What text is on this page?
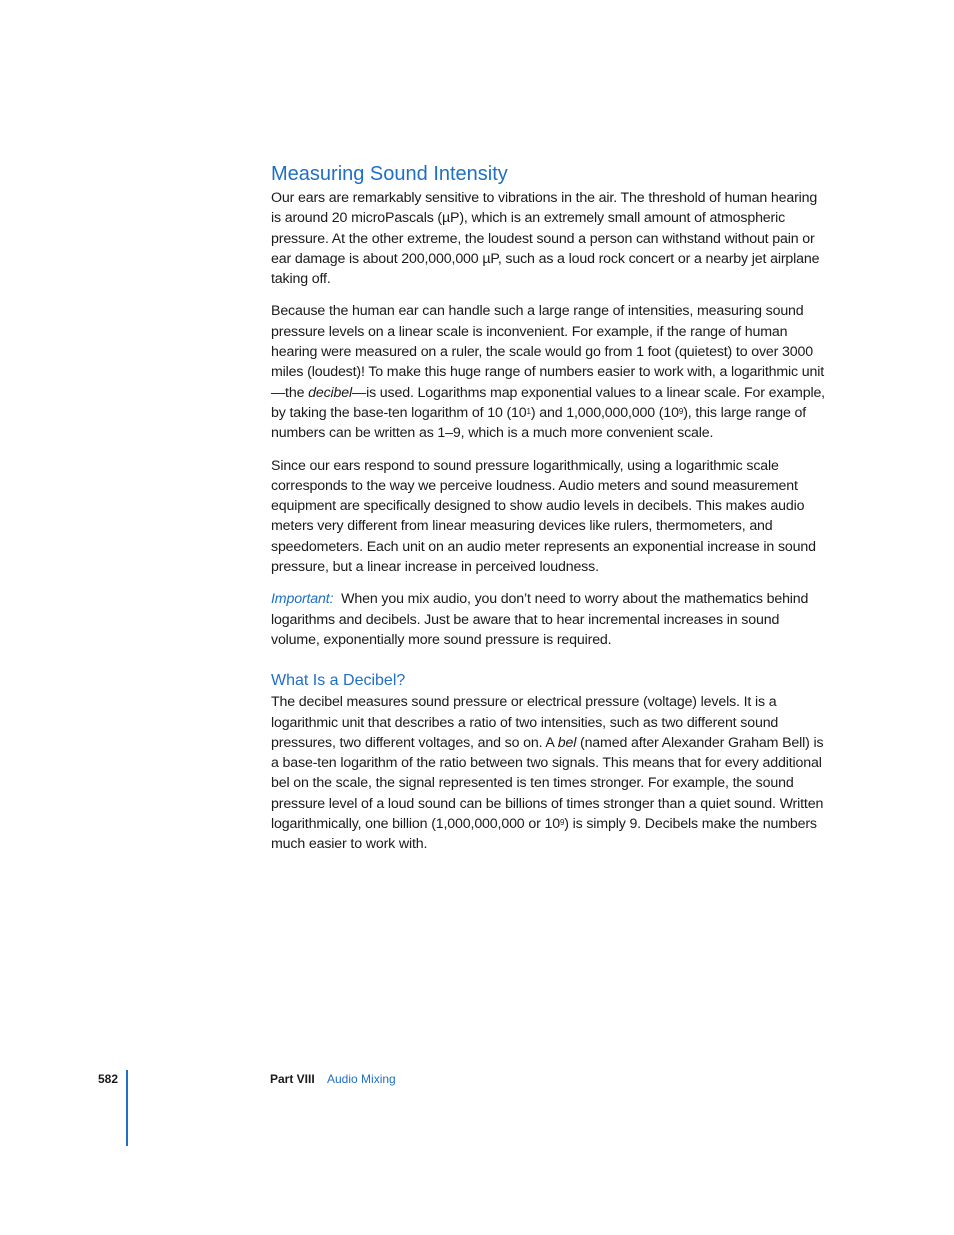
Measuring Sound Intensity

Our ears are remarkably sensitive to vibrations in the air. The threshold of human hearing is around 20 microPascals (µP), which is an extremely small amount of atmospheric pressure. At the other extreme, the loudest sound a person can withstand without pain or ear damage is about 200,000,000 µP, such as a loud rock concert or a nearby jet airplane taking off.

Because the human ear can handle such a large range of intensities, measuring sound pressure levels on a linear scale is inconvenient. For example, if the range of human hearing were measured on a ruler, the scale would go from 1 foot (quietest) to over 3000 miles (loudest)! To make this huge range of numbers easier to work with, a logarithmic unit—the decibel—is used. Logarithms map exponential values to a linear scale. For example, by taking the base-ten logarithm of 10 $(10^1)$ and 1,000,000,000 $(10^9)$, this large range of numbers can be written as 1–9, which is a much more convenient scale.

Since our ears respond to sound pressure logarithmically, using a logarithmic scale corresponds to the way we perceive loudness. Audio meters and sound measurement equipment are specifically designed to show audio levels in decibels. This makes audio meters very different from linear measuring devices like rulers, thermometers, and speedometers. Each unit on an audio meter represents an exponential increase in sound pressure, but a linear increase in perceived loudness.

Important: When you mix audio, you don’t need to worry about the mathematics behind logarithms and decibels. Just be aware that to hear incremental increases in sound volume, exponentially more sound pressure is required.

What Is a Decibel?

The decibel measures sound pressure or electrical pressure (voltage) levels. It is a logarithmic unit that describes a ratio of two intensities, such as two different sound pressures, two different voltages, and so on. A bel (named after Alexander Graham Bell) is a base-ten logarithm of the ratio between two signals. This means that for every additional bel on the scale, the signal represented is ten times stronger. For example, the sound pressure level of a loud sound can be billions of times stronger than a quiet sound. Written logarithmically, one billion (1,000,000,000 or $10^9$) is simply 9. Decibels make the numbers much easier to work with.

582	Part VIII Audio Mixing
